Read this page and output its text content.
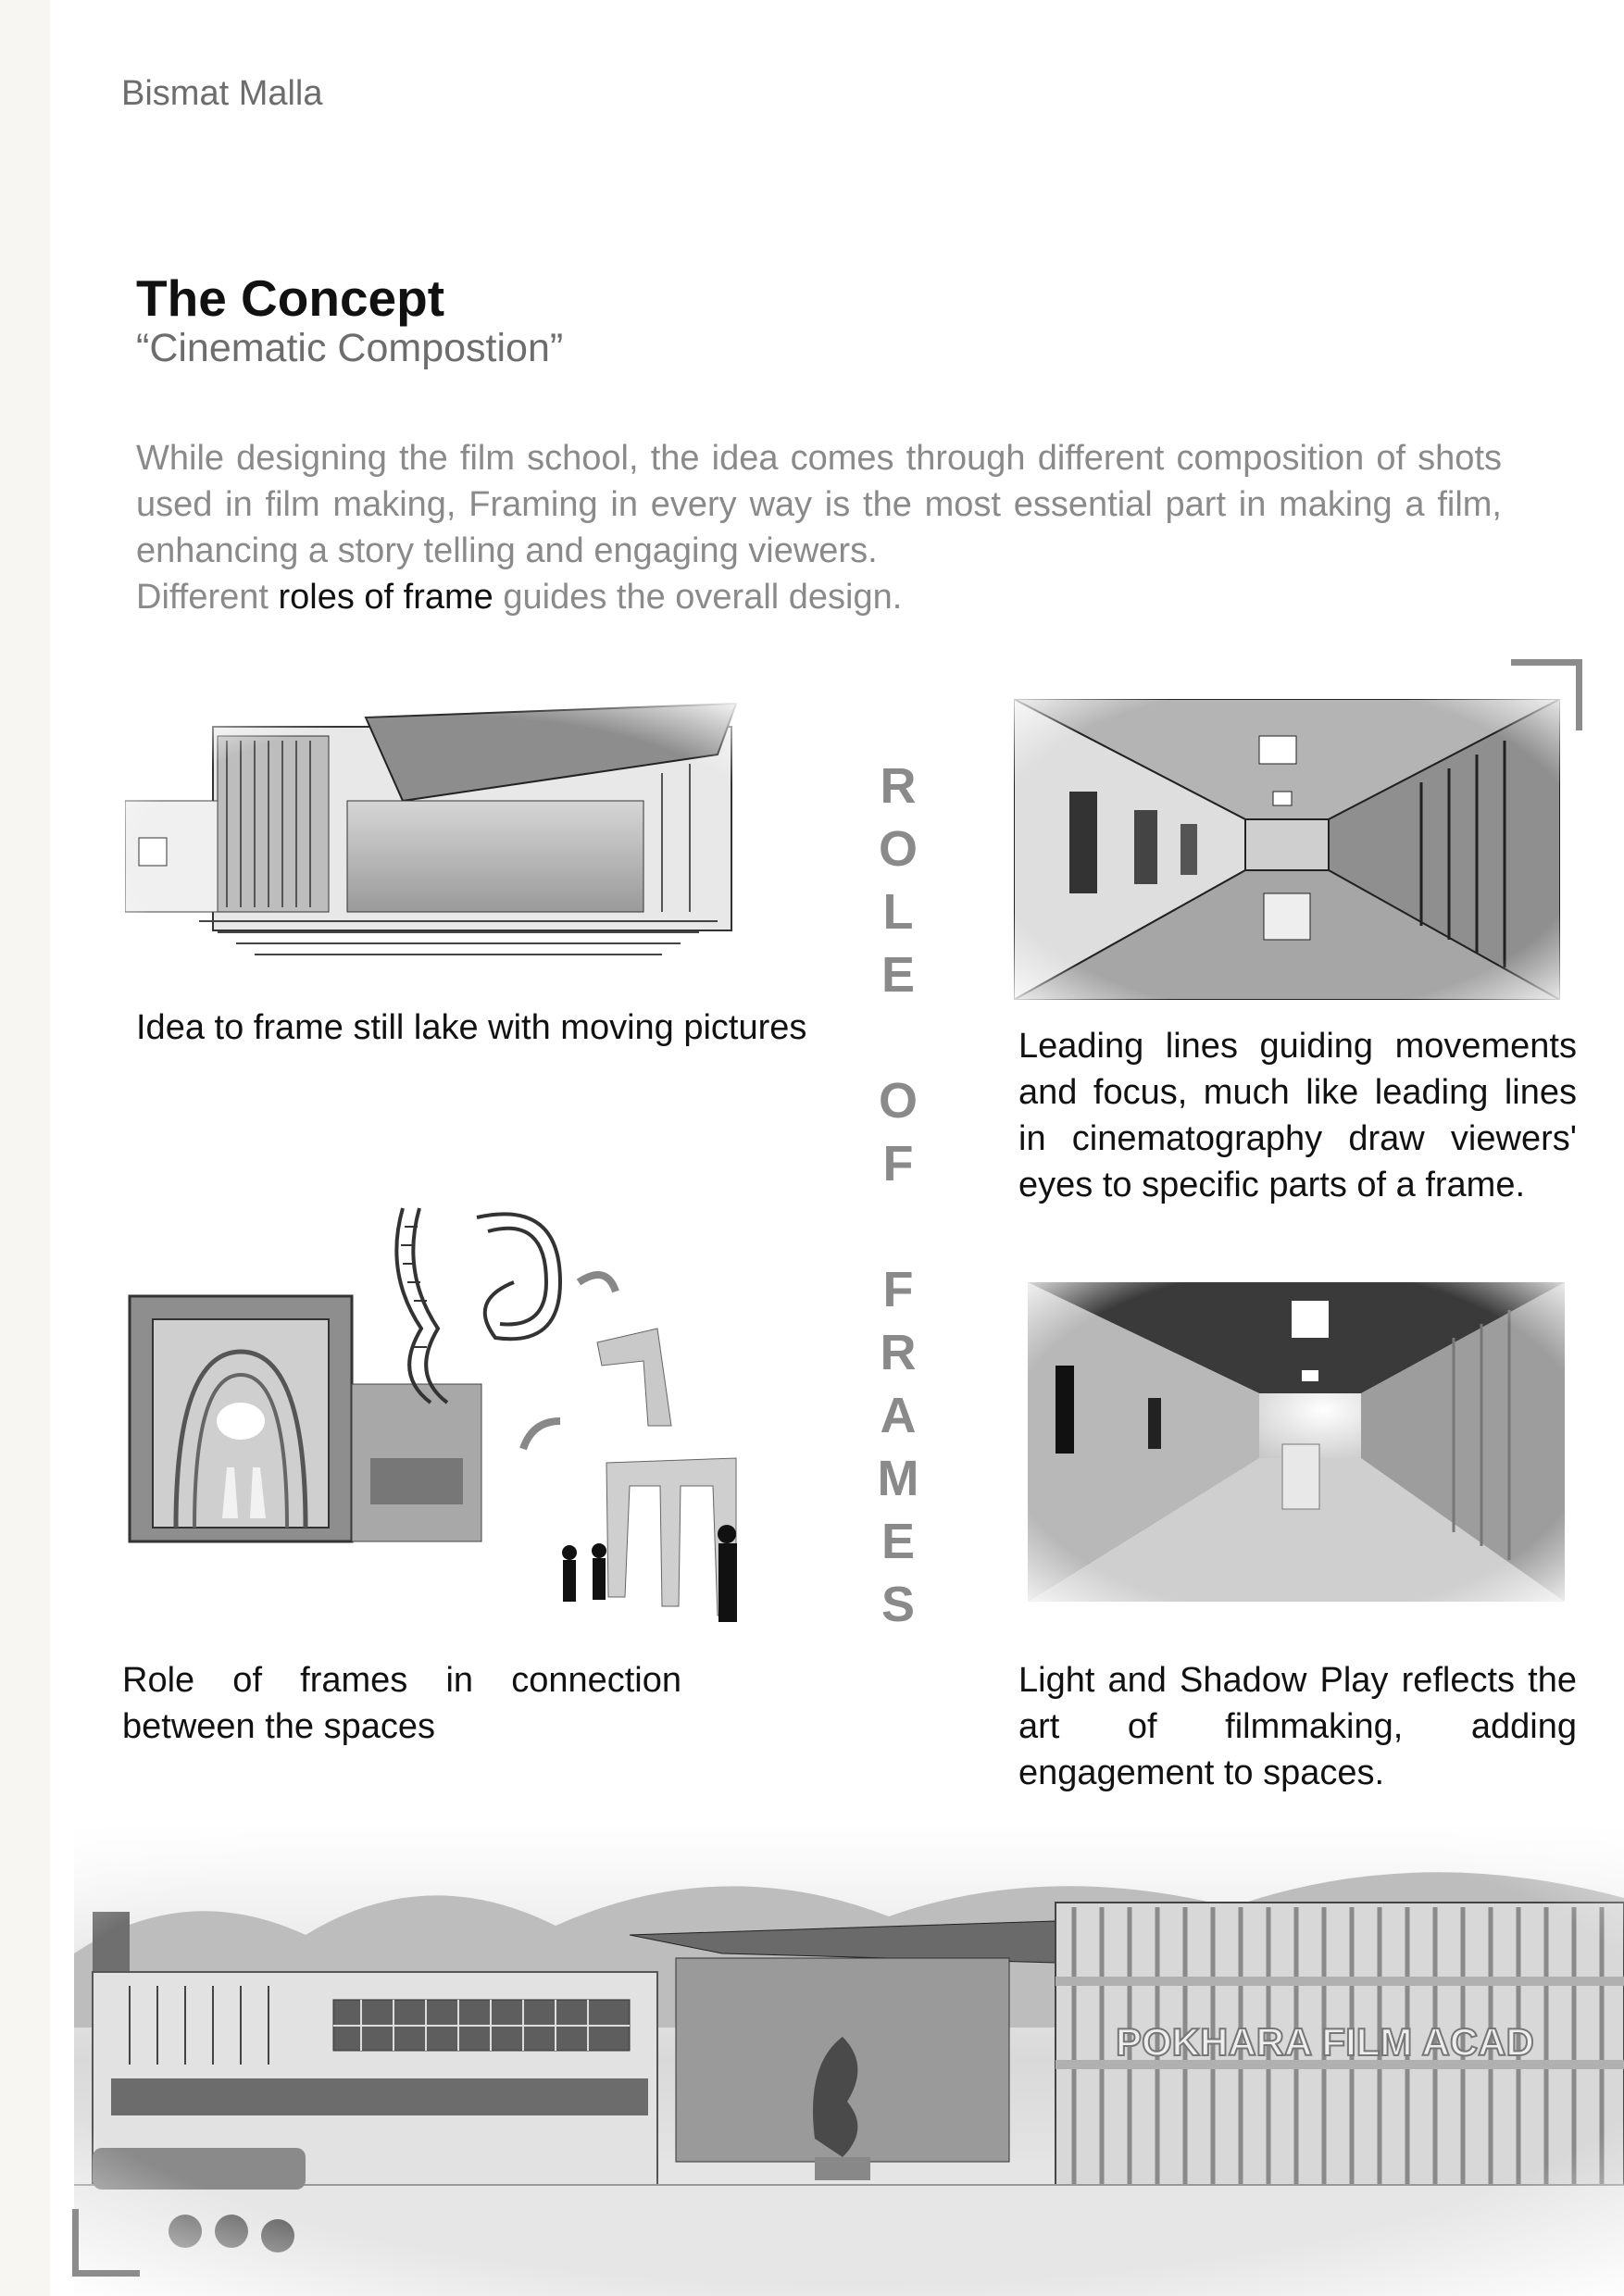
Bismat Malla
The Concept
“Cinematic Compostion”
While designing the film school, the idea comes through different composition of shots used in film making, Framing in every way is the most essential part in making a film, enhancing a story telling and engaging viewers.
Different roles of frame guides the overall design.
R
O
L
E
O
F
F
R
A
M
E
S
Idea to frame still lake with moving pictures	Leading lines guiding movements and focus, much like leading lines in cinematography draw viewers' eyes to specific parts of a frame.
Role of frames in connection between the spaces
Light and Shadow Play reflects the art of filmmaking, adding engagement to spaces.
